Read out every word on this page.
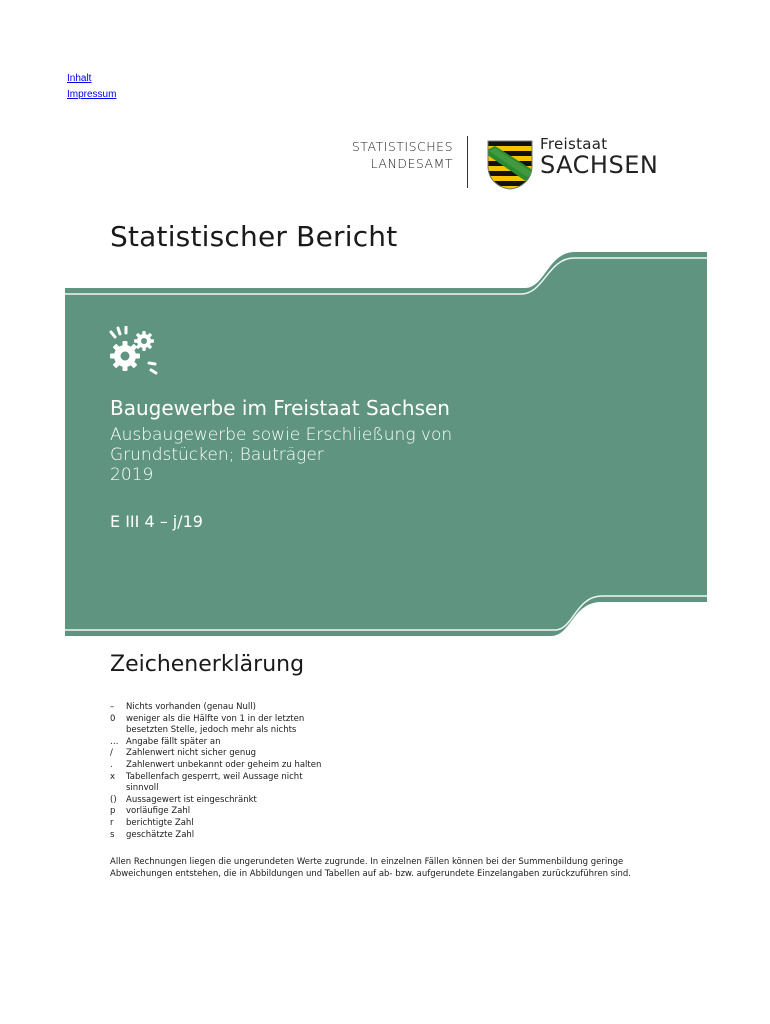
Inhalt
Impressum
STATISTISCHES
LANDESAMT
Freistaat
SACHSEN
Statistischer Bericht
Baugewerbe im Freistaat Sachsen
Ausbaugewerbe sowie Erschließung von
Grundstücken; Bauträger
2019
E III 4 – j/19
Zeichenerklärung
–	Nichts vorhanden (genau Null)
0	weniger als die Hälfte von 1 in der letzten
besetzten Stelle, jedoch mehr als nichts
… Angabe fällt später an
/	Zahlenwert nicht sicher genug
.	Zahlenwert unbekannt oder geheim zu halten
x	Tabellenfach gesperrt, weil Aussage nicht
sinnvoll
()	Aussagewert ist eingeschränkt
p	vorläufige Zahl
r	berichtigte Zahl
s	geschätzte Zahl

Allen Rechnungen liegen die ungerundeten Werte zugrunde. In einzelnen Fällen können bei der Summenbildung geringe Abweichungen entstehen, die in Abbildungen und Tabellen auf ab- bzw. aufgerundete Einzelangaben zurückzuführen sind.
